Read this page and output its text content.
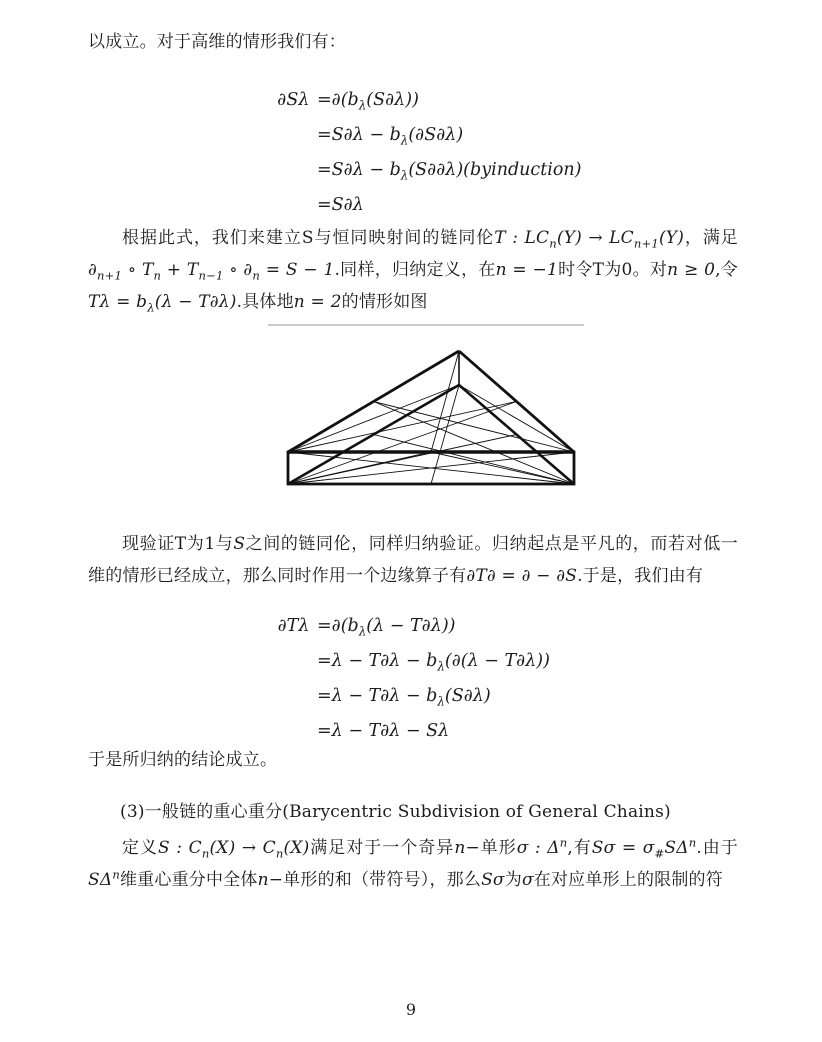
以成立。对于高维的情形我们有：
$\partial S\lambda =\partial(b_\lambda(S\partial\lambda))$
$=S\partial\lambda - b_\lambda(\partial S\partial\lambda)$
$=S\partial\lambda - b_\lambda(S\partial\partial\lambda)(byinduction)$
=S∂λ
根据此式，我们来建立S与恒同映射间的链同伦T : $LC_n(Y) \to LC_{n+1}(Y)$，满足$\partial_{n+1}$ ∘ $T_n + T_{n-1}$ ∘ $\partial_n = S - 1$.同样，归纳定义，在n = −1时令T为0。对n ≥ 0,令$T\lambda = b_\lambda(\lambda - T\partial\lambda)$.具体地n = 2的情形如图
现验证T为1与S之间的链同伦，同样归纳验证。归纳起点是平凡的，而若对低一维的情形已经成立，那么同时作用一个边缘算子有∂T∂ = ∂ − ∂S.于是，我们由有
$\partial T\lambda =\partial(b_\lambda(\lambda - T\partial\lambda))$
$=\lambda - T\partial\lambda - b_\lambda(\partial(\lambda - T\partial\lambda))$
$=\lambda - T\partial\lambda - b_\lambda(S\partial\lambda)$
=λ − T∂λ − Sλ
于是所归纳的结论成立。
(3)一般链的重心重分(Barycentric Subdivision of General Chains)
定义S : $C_n(X) \to C_n(X)$满足对于一个奇异n−单形σ : $\Delta^n$,有$S\sigma = \sigma_{\#}S\Delta^n$.由于$S\Delta^n$维重心重分中全体n−单形的和（带符号），那么Sσ为σ在对应单形上的限制的符
9
